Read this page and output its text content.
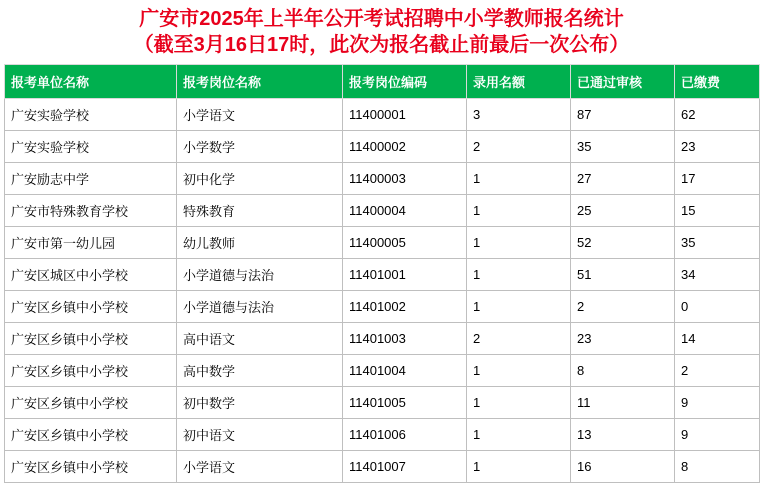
广安市2025年上半年公开考试招聘中小学教师报名统计
（截至3月16日17时，此次为报名截止前最后一次公布）
报考单位名称	报考岗位名称	报考岗位编码	录用名额	已通过审核	已缴费
广安实验学校	小学语文	11400001	3	87	62
广安实验学校	小学数学	11400002	2	35	23
广安励志中学	初中化学	11400003	1	27	17
广安市特殊教育学校	特殊教育	11400004	1	25	15
广安市第一幼儿园	幼儿教师	11400005	1	52	35
广安区城区中小学校	小学道德与法治	11401001	1	51	34
广安区乡镇中小学校	小学道德与法治	11401002	1	2	0
广安区乡镇中小学校	高中语文	11401003	2	23	14
广安区乡镇中小学校	高中数学	11401004	1	8	2
广安区乡镇中小学校	初中数学	11401005	1	11	9
广安区乡镇中小学校	初中语文	11401006	1	13	9
广安区乡镇中小学校	小学语文	11401007	1	16	8
